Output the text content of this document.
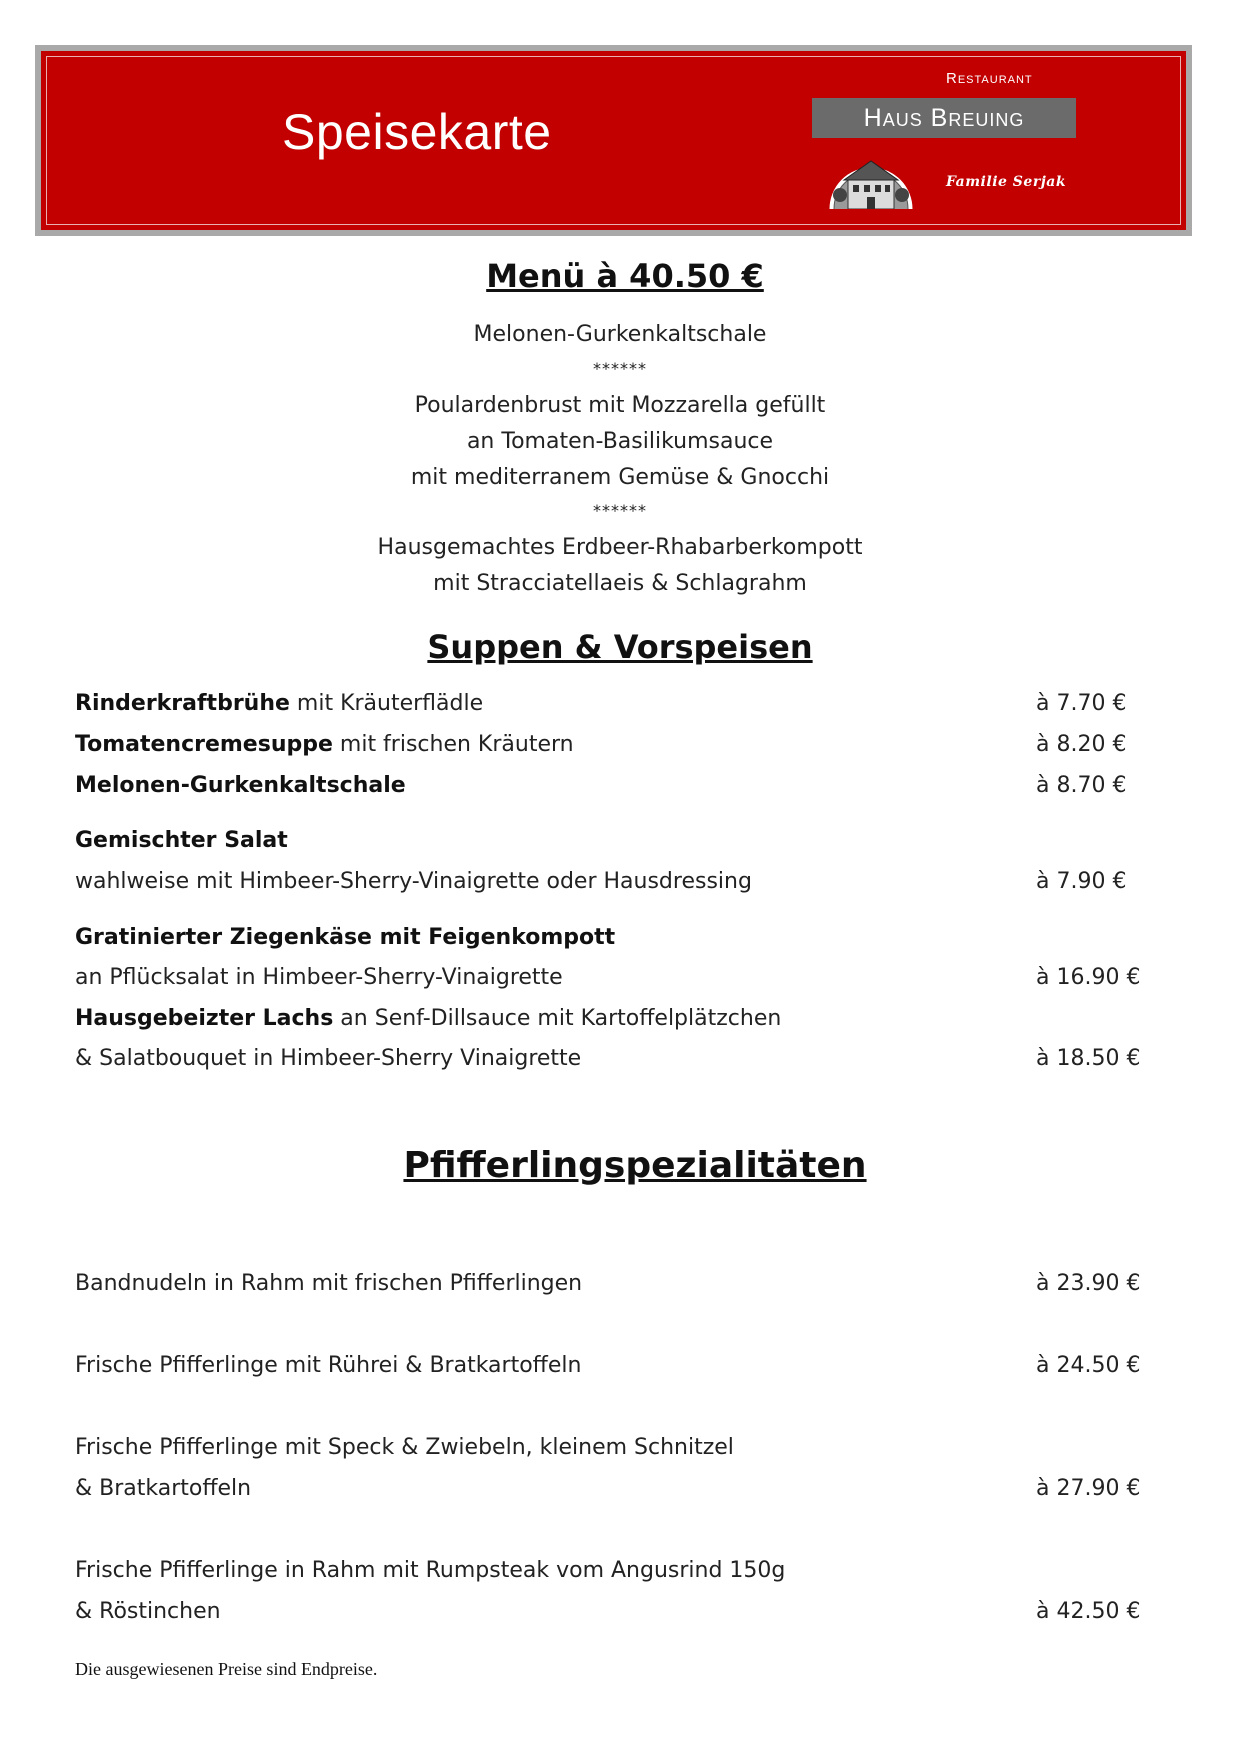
Speisekarte
Restaurant
Haus Breuing
Familie Serjak
Menü à 40.50 €
Melonen-Gurkenkaltschale
******
Poulardenbrust mit Mozzarella gefüllt
an Tomaten-Basilikumsauce
mit mediterranem Gemüse & Gnocchi
******
Hausgemachtes Erdbeer-Rhabarberkompott
mit Stracciatellaeis & Schlagrahm
Suppen & Vorspeisen
Rinderkraftbrühe mit Kräuterflädle	à 7.70 €
Tomatencremesuppe mit frischen Kräutern	à 8.20 €
Melonen-Gurkenkaltschale	à 8.70 €
Gemischter Salat
wahlweise mit Himbeer-Sherry-Vinaigrette oder Hausdressing	à 7.90 €
Gratinierter Ziegenkäse mit Feigenkompott
an Pflücksalat in Himbeer-Sherry-Vinaigrette	à 16.90 €
Hausgebeizter Lachs an Senf-Dillsauce mit Kartoffelplätzchen
& Salatbouquet in Himbeer-Sherry Vinaigrette	à 18.50 €
Pfifferlingspezialitäten
Bandnudeln in Rahm mit frischen Pfifferlingen	à 23.90 €
Frische Pfifferlinge mit Rührei & Bratkartoffeln	à 24.50 €
Frische Pfifferlinge mit Speck & Zwiebeln, kleinem Schnitzel
& Bratkartoffeln	à 27.90 €
Frische Pfifferlinge in Rahm mit Rumpsteak vom Angusrind 150g
& Röstinchen	à 42.50 €
Die ausgewiesenen Preise sind Endpreise.
